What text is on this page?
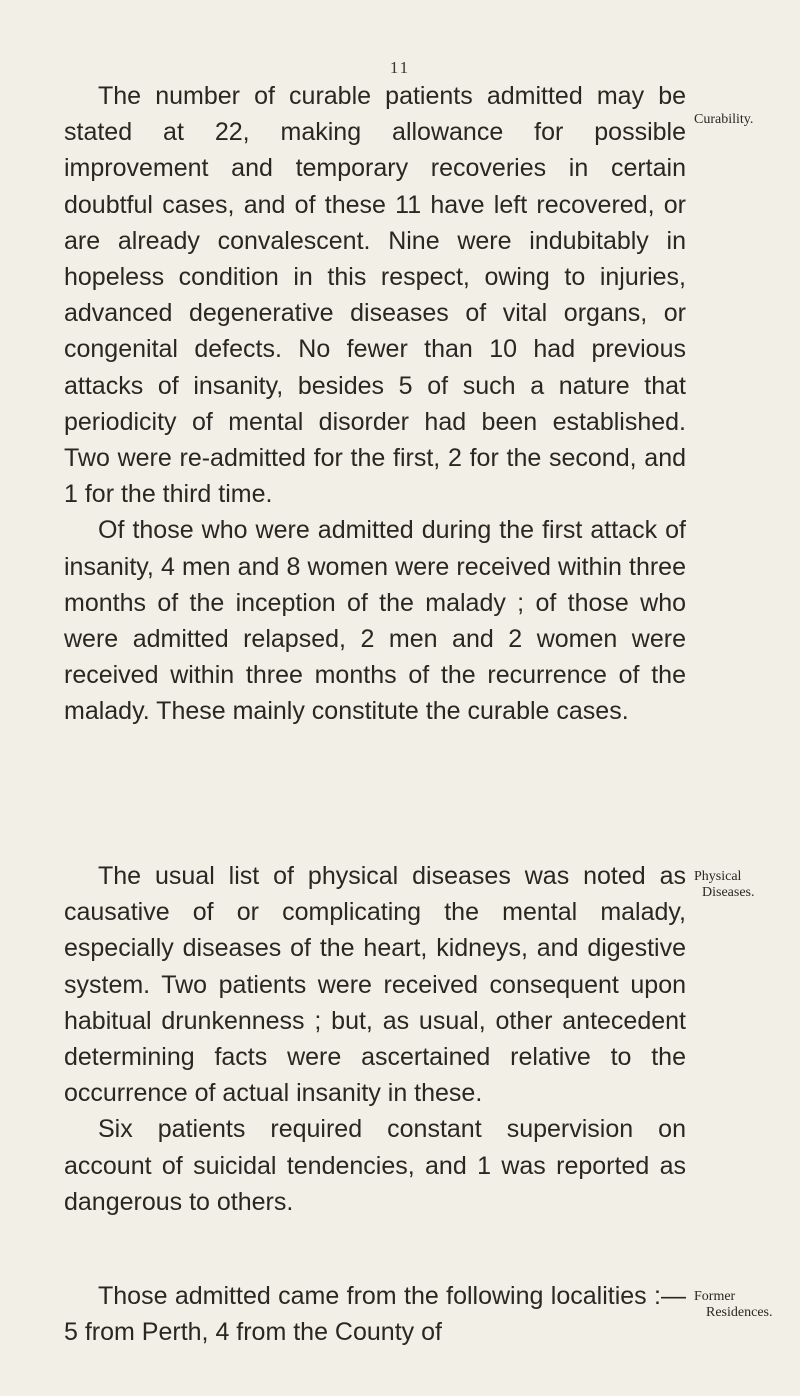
11

The number of curable patients admitted may be stated at 22, making allowance for possible improvement and temporary recoveries in certain doubtful cases, and of these 11 have left recovered, or are already convalescent. Nine were indubitably in hopeless condition in this respect, owing to injuries, advanced degenerative diseases of vital organs, or congenital defects. No fewer than 10 had previous attacks of insanity, besides 5 of such a nature that periodicity of mental disorder had been established. Two were re-admitted for the first, 2 for the second, and 1 for the third time.

Of those who were admitted during the first attack of insanity, 4 men and 8 women were received within three months of the inception of the malady ; of those who were admitted relapsed, 2 men and 2 women were received within three months of the recurrence of the malady. These mainly constitute the curable cases.

Curability.

The usual list of physical diseases was noted as causative of or complicating the mental malady, especially diseases of the heart, kidneys, and digestive system. Two patients were received consequent upon habitual drunkenness ; but, as usual, other antecedent determining facts were ascertained relative to the occurrence of actual insanity in these.

Six patients required constant supervision on account of suicidal tendencies, and 1 was reported as dangerous to others.

Physical
Diseases.

Those admitted came from the following localities :—5 from Perth, 4 from the County of

Former
Residences.
